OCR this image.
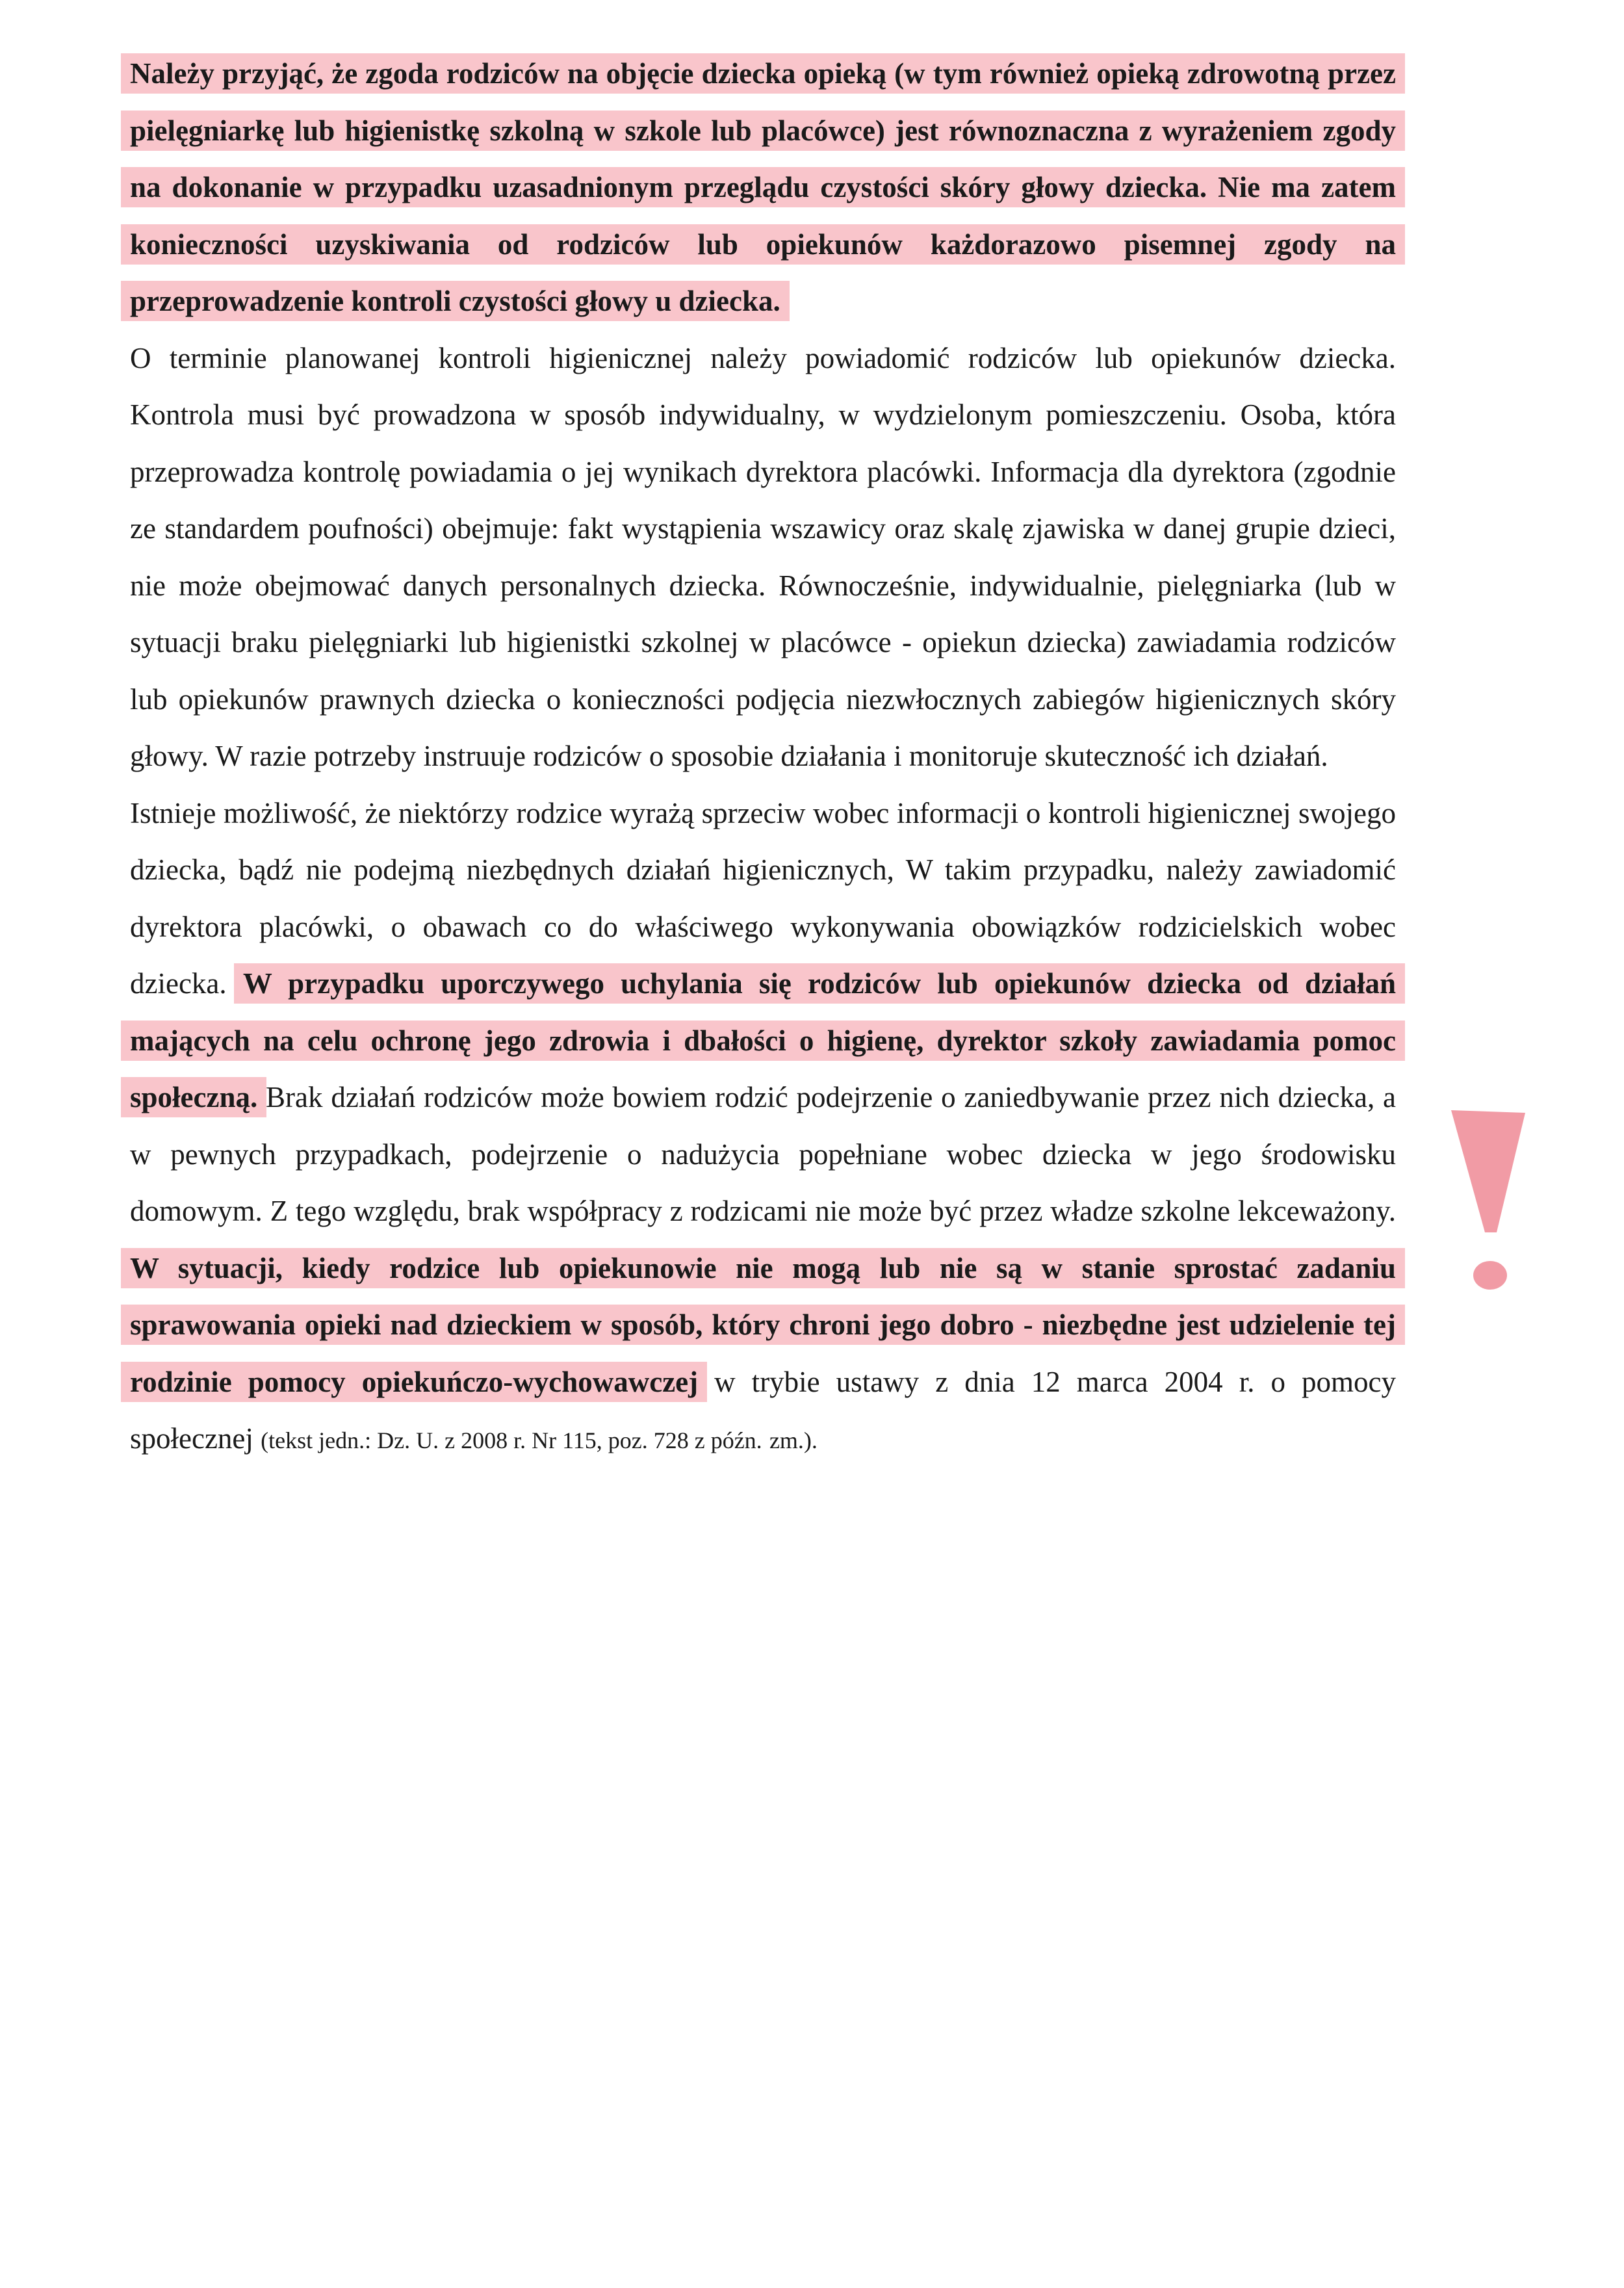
Należy przyjąć, że zgoda rodziców na objęcie dziecka opieką (w tym również opieką zdrowotną przez pielęgniarkę lub higienistkę szkolną w szkole lub placówce) jest równoznaczna z wyrażeniem zgody na dokonanie w przypadku uzasadnionym przeglądu czystości skóry głowy dziecka. Nie ma zatem konieczności uzyskiwania od rodziców lub opiekunów każdorazowo pisemnej zgody na przeprowadzenie kontroli czystości głowy u dziecka.

O terminie planowanej kontroli higienicznej należy powiadomić rodziców lub opiekunów dziecka. Kontrola musi być prowadzona w sposób indywidualny, w wydzielonym pomieszczeniu. Osoba, która przeprowadza kontrolę powiadamia o jej wynikach dyrektora placówki. Informacja dla dyrektora (zgodnie ze standardem poufności) obejmuje: fakt wystąpienia wszawicy oraz skalę zjawiska w danej grupie dzieci, nie może obejmować danych personalnych dziecka. Równocześnie, indywidualnie, pielęgniarka (lub w sytuacji braku pielęgniarki lub higienistki szkolnej w placówce - opiekun dziecka) zawiadamia rodziców lub opiekunów prawnych dziecka o konieczności podjęcia niezwłocznych zabiegów higienicznych skóry głowy. W razie potrzeby instruuje rodziców o sposobie działania i monitoruje skuteczność ich działań.

Istnieje możliwość, że niektórzy rodzice wyrażą sprzeciw wobec informacji o kontroli higienicznej swojego dziecka, bądź nie podejmą niezbędnych działań higienicznych, W takim przypadku, należy zawiadomić dyrektora placówki, o obawach co do właściwego wykonywania obowiązków rodzicielskich wobec dziecka. W przypadku uporczywego uchylania się rodziców lub opiekunów dziecka od działań mających na celu ochronę jego zdrowia i dbałości o higienę, dyrektor szkoły zawiadamia pomoc społeczną. Brak działań rodziców może bowiem rodzić podejrzenie o zaniedbywanie przez nich dziecka, a w pewnych przypadkach, podejrzenie o nadużycia popełniane wobec dziecka w jego środowisku domowym. Z tego względu, brak współpracy z rodzicami nie może być przez władze szkolne lekceważony. W sytuacji, kiedy rodzice lub opiekunowie nie mogą lub nie są w stanie sprostać zadaniu sprawowania opieki nad dzieckiem w sposób, który chroni jego dobro - niezbędne jest udzielenie tej rodzinie pomocy opiekuńczo-wychowawczej w trybie ustawy z dnia 12 marca 2004 r. o pomocy społecznej (tekst jedn.: Dz. U. z 2008 r. Nr 115, poz. 728 z późn. zm.).
